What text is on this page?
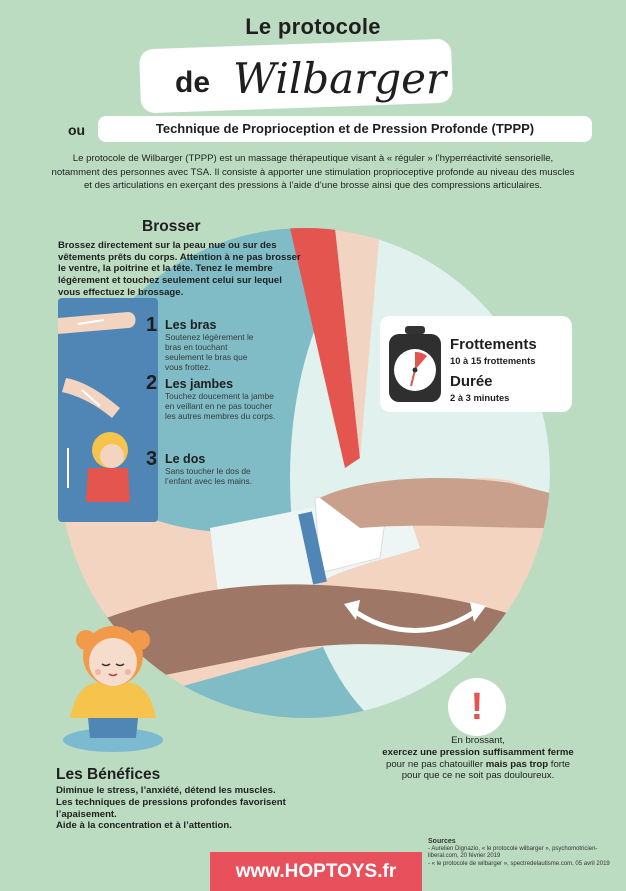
Le protocole
de Wilbarger
ou	Technique de Proprioception et de Pression Profonde (TPPP)
Le protocole de Wilbarger (TPPP) est un massage thérapeutique visant à « réguler » l’hyperréactivité sensorielle, notamment des personnes avec TSA. Il consiste à apporter une stimulation proprioceptive profonde au niveau des muscles et des articulations en exerçant des pressions à l’aide d’une brosse ainsi que des compressions articulaires.
Brosser
Brossez directement sur la peau nue ou sur des vêtements prêts du corps. Attention à ne pas brosser le ventre, la poitrine et la tête. Tenez le membre légèrement et touchez seulement celui sur lequel vous effectuez le brossage.
1 Les bras
Soutenez légèrement le bras en touchant seulement le bras que vous frottez.
2 Les jambes
Touchez doucement la jambe en veillant en ne pas toucher les autres membres du corps.
3 Le dos
Sans toucher le dos de l’enfant avec les mains.
Frottements
10 à 15 frottements
Durée
2 à 3 minutes
!
En brossant,
exercez une pression suffisamment ferme pour ne pas chatouiller mais pas trop forte pour que ce ne soit pas douloureux.
Les Bénéfices
Diminue le stress, l’anxiété, détend les muscles.
Les techniques de pressions profondes favorisent l’apaisement.
Aide à la concentration et à l’attention.
www.HOPTOYS.fr
Sources
- Aurelien Dignazio, « le protocole wilbarger », psychomotricien-liberal.com, 20 février 2019
- « le protocole de wilbarger », spectredelautisme.com, 05 avril 2019
